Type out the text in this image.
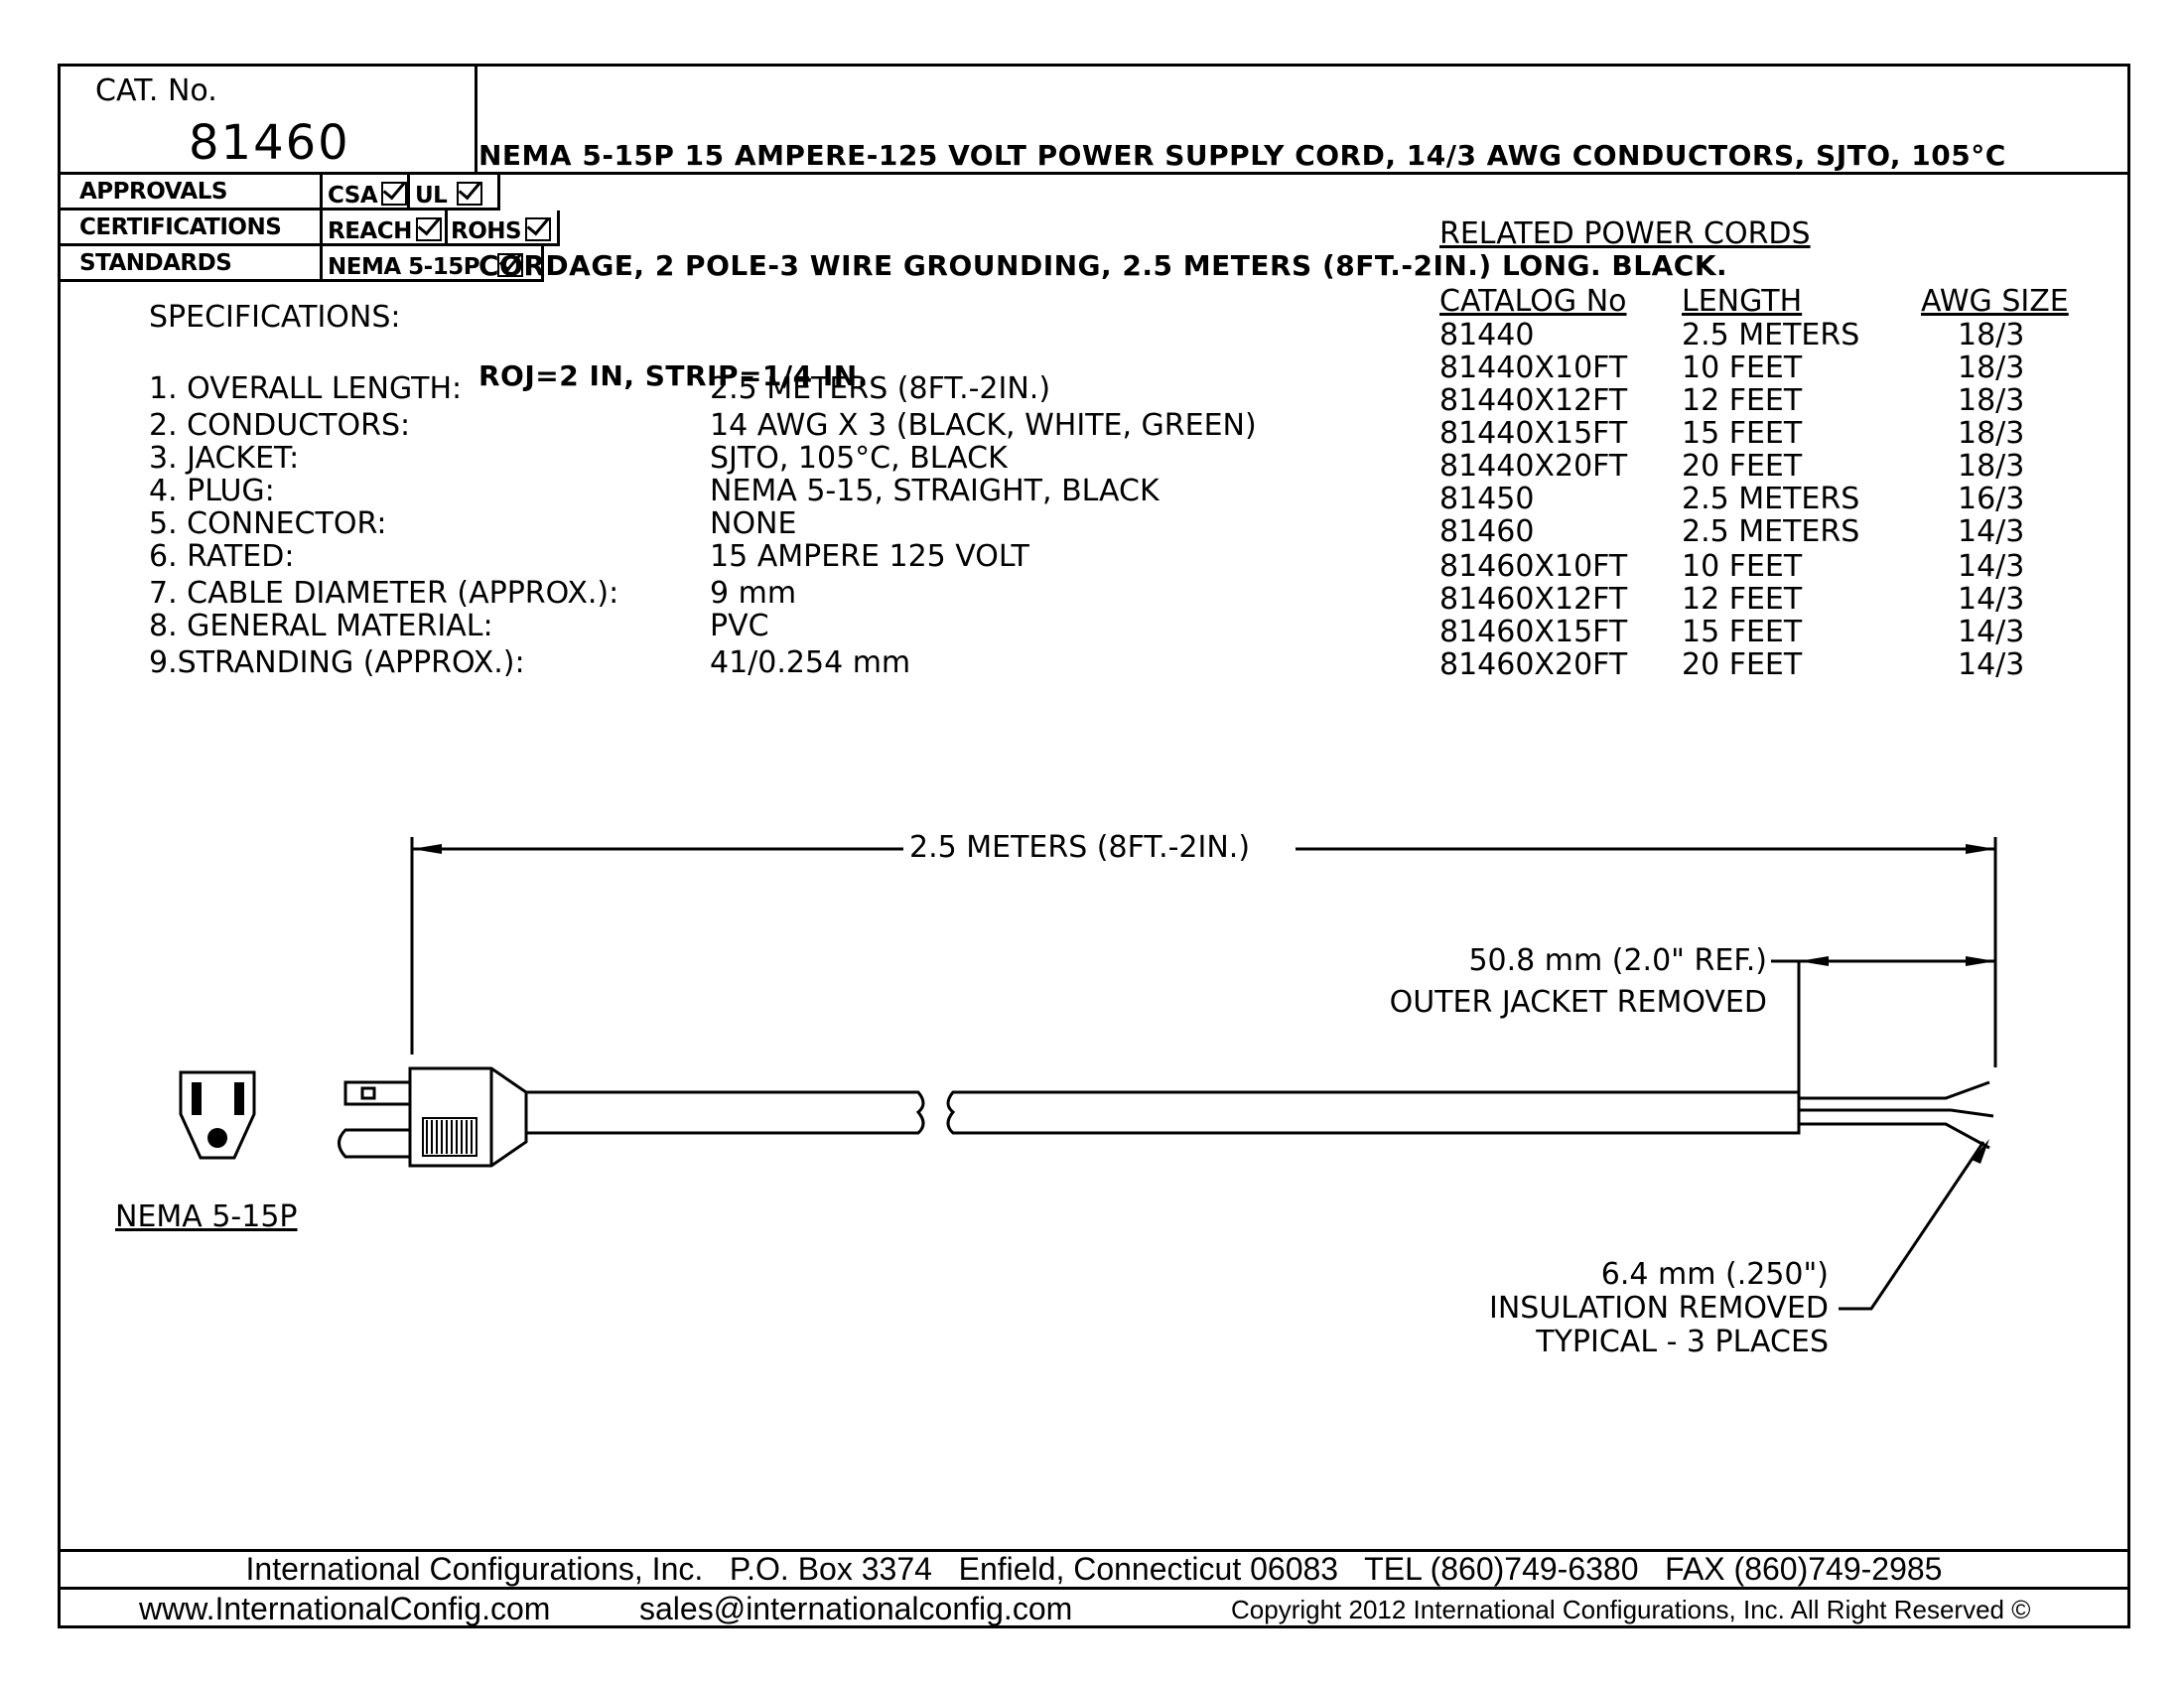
CAT. No.
81460

	NEMA 5-15P 15 AMPERE-125 VOLT POWER SUPPLY CORD, 14/3 AWG CONDUCTORS, SJTO, 105°C

CORDAGE, 2 POLE-3 WIRE GROUNDING, 2.5 METERS (8FT.-2IN.) LONG. BLACK.

ROJ=2 IN, STRIP=1/4 IN.

APPROVALS	CSA	UL
CERTIFICATIONS REACH	ROHS
STANDARDS	NEMA 5-15P
SPECIFICATIONS:
1. OVERALL LENGTH:	2.5 METERS (8FT.-2IN.)
2. CONDUCTORS:	14 AWG X 3 (BLACK, WHITE, GREEN)
3. JACKET:	SJTO, 105°C, BLACK
4. PLUG:	NEMA 5-15, STRAIGHT, BLACK
5. CONNECTOR:	NONE
6. RATED:	15 AMPERE 125 VOLT
7. CABLE DIAMETER (APPROX.):	9 mm
8. GENERAL MATERIAL:	PVC
9.STRANDING (APPROX.):	41/0.254 mm
RELATED POWER CORDS
CATALOG No LENGTH	AWG SIZE
81440	2.5 METERS	18/3
81440X10FT 10 FEET	18/3
81440X12FT 12 FEET	18/3
81440X15FT 15 FEET	18/3
81440X20FT 20 FEET	18/3
81450	2.5 METERS	16/3
81460	2.5 METERS	14/3
81460X10FT 10 FEET	14/3
81460X12FT 12 FEET	14/3
81460X15FT 15 FEET	14/3
81460X20FT 20 FEET	14/3
2.5 METERS (8FT.-2IN.)
50.8 mm (2.0" REF.)
OUTER JACKET REMOVED
6.4 mm (.250")
INSULATION REMOVED
TYPICAL - 3 PLACES
NEMA 5-15P
International Configurations, Inc.   P.O. Box 3374   Enfield, Connecticut 06083   TEL (860)749-6380   FAX (860)749-2985
www.InternationalConfig.com	sales@internationalconfig.com	Copyright 2012 International Configurations, Inc. All Right Reserved ©
